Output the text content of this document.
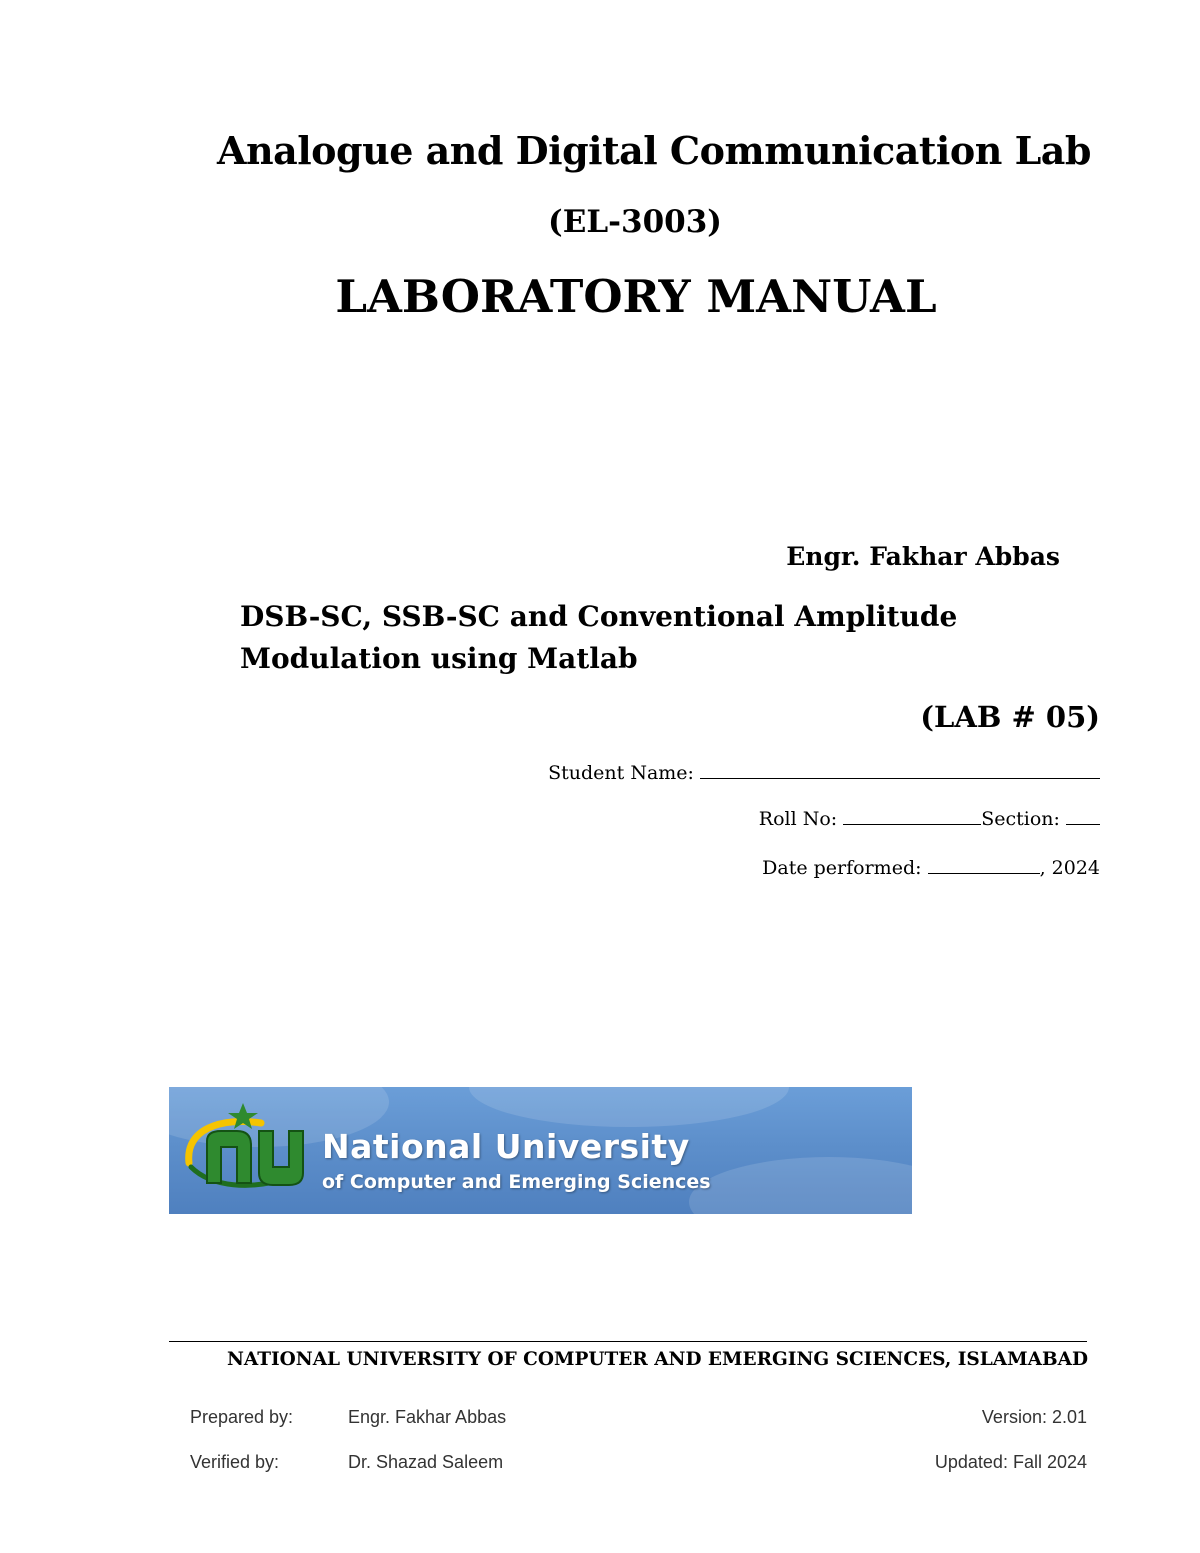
Analogue and Digital Communication Lab
(EL-3003)
LABORATORY MANUAL
Engr. Fakhar Abbas
DSB-SC, SSB-SC and Conventional Amplitude
Modulation using Matlab
(LAB # 05)
Student Name:
Roll No:	Section:
Date performed:	, 2024
National University
of Computer and Emerging Sciences
NATIONAL UNIVERSITY OF COMPUTER AND EMERGING SCIENCES, ISLAMABAD
Prepared by:	Engr. Fakhar Abbas	Version: 2.01
Verified by:	Dr. Shazad Saleem	Updated: Fall 2024
